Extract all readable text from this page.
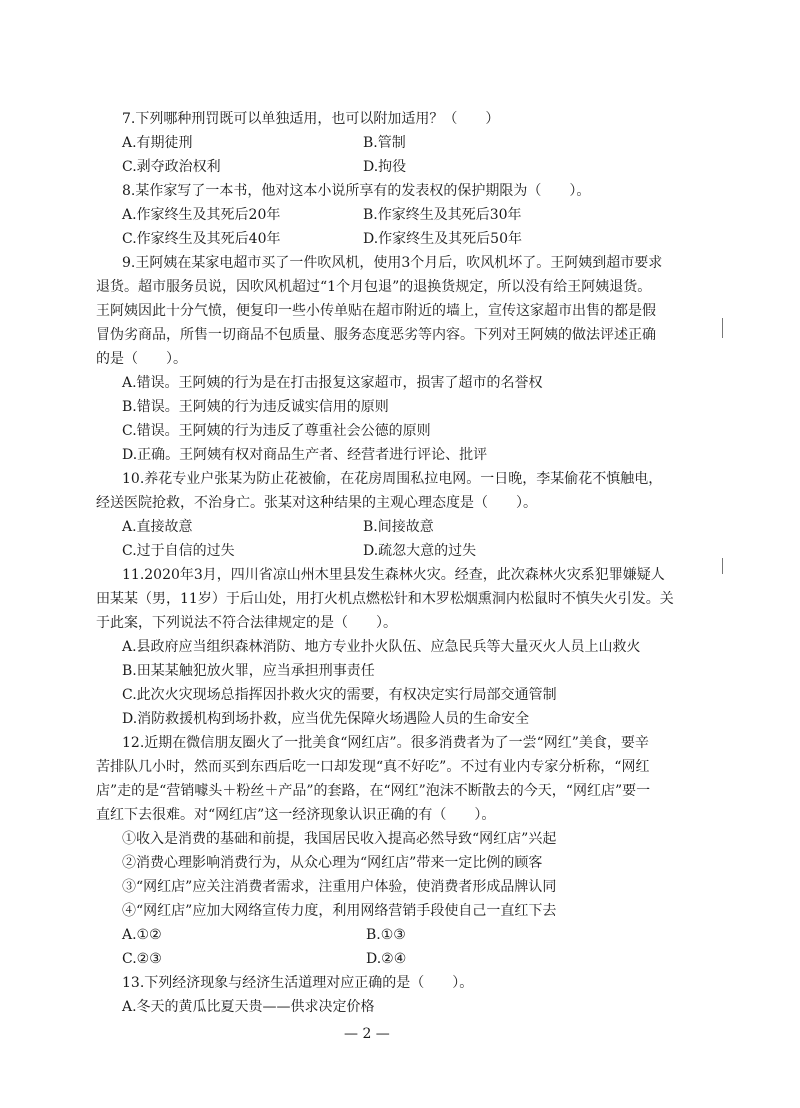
7.下列哪种刑罚既可以单独适用，也可以附加适用？（　　）
A.有期徒刑	B.管制
C.剥夺政治权利	D.拘役
8.某作家写了一本书，他对这本小说所享有的发表权的保护期限为（　　）。
A.作家终生及其死后20年	B.作家终生及其死后30年
C.作家终生及其死后40年	D.作家终生及其死后50年
9.王阿姨在某家电超市买了一件吹风机，使用3个月后，吹风机坏了。王阿姨到超市要求
退货。超市服务员说，因吹风机超过“1个月包退”的退换货规定，所以没有给王阿姨退货。
王阿姨因此十分气愤，便复印一些小传单贴在超市附近的墙上，宣传这家超市出售的都是假
冒伪劣商品，所售一切商品不包质量、服务态度恶劣等内容。下列对王阿姨的做法评述正确
的是（　　）。
A.错误。王阿姨的行为是在打击报复这家超市，损害了超市的名誉权
B.错误。王阿姨的行为违反诚实信用的原则
C.错误。王阿姨的行为违反了尊重社会公德的原则
D.正确。王阿姨有权对商品生产者、经营者进行评论、批评
10.养花专业户张某为防止花被偷，在花房周围私拉电网。一日晚，李某偷花不慎触电，
经送医院抢救，不治身亡。张某对这种结果的主观心理态度是（　　）。
A.直接故意	B.间接故意
C.过于自信的过失	D.疏忽大意的过失
11.2020年3月，四川省凉山州木里县发生森林火灾。经查，此次森林火灾系犯罪嫌疑人
田某某（男，11岁）于后山处，用打火机点燃松针和木罗松烟熏洞内松鼠时不慎失火引发。关
于此案，下列说法不符合法律规定的是（　　）。
A.县政府应当组织森林消防、地方专业扑火队伍、应急民兵等大量灭火人员上山救火
B.田某某触犯放火罪，应当承担刑事责任
C.此次火灾现场总指挥因扑救火灾的需要，有权决定实行局部交通管制
D.消防救援机构到场扑救，应当优先保障火场遇险人员的生命安全
12.近期在微信朋友圈火了一批美食“网红店”。很多消费者为了一尝“网红”美食，要辛
苦排队几小时，然而买到东西后吃一口却发现“真不好吃”。不过有业内专家分析称，“网红
店”走的是“营销噱头＋粉丝＋产品”的套路，在“网红”泡沫不断散去的今天，“网红店”要一
直红下去很难。对“网红店”这一经济现象认识正确的有（　　）。
①收入是消费的基础和前提，我国居民收入提高必然导致“网红店”兴起
②消费心理影响消费行为，从众心理为“网红店”带来一定比例的顾客
③“网红店”应关注消费者需求，注重用户体验，使消费者形成品牌认同
④“网红店”应加大网络宣传力度，利用网络营销手段使自己一直红下去
A.①②	B.①③
C.②③	D.②④
13.下列经济现象与经济生活道理对应正确的是（　　）。
A.冬天的黄瓜比夏天贵——供求决定价格
— 2 —
